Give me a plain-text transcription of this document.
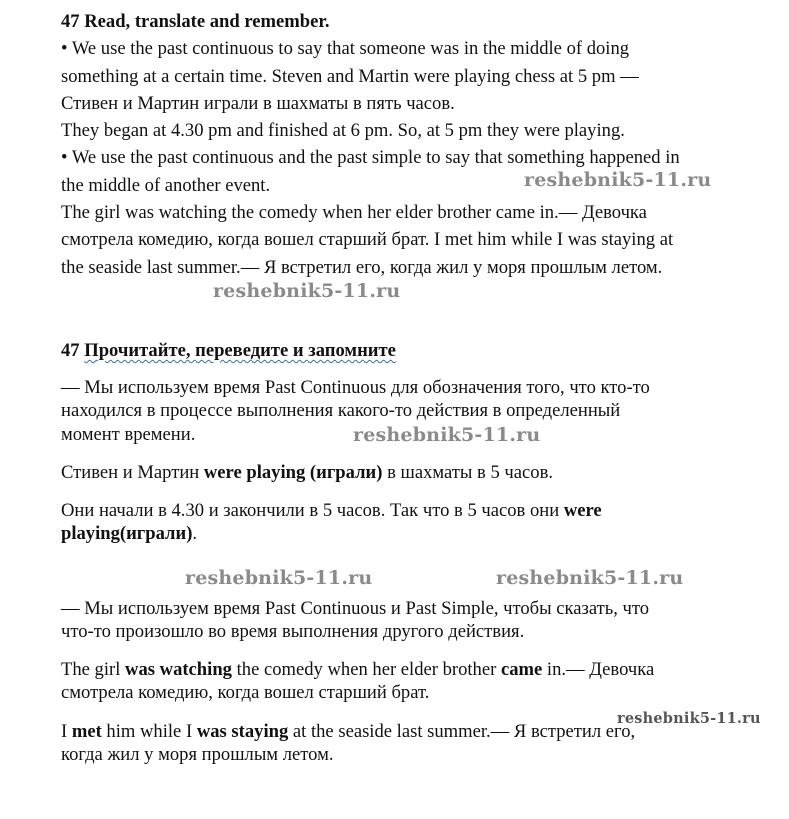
47 Read, translate and remember.
• We use the past continuous to say that someone was in the middle of doing
something at a certain time. Steven and Martin were playing chess at 5 pm —
Стивен и Мартин играли в шахматы в пять часов.
They began at 4.30 pm and finished at 6 pm. So, at 5 pm they were playing.
• We use the past continuous and the past simple to say that something happened in
the middle of another event.
The girl was watching the comedy when her elder brother came in.— Девочка
смотрела комедию, когда вошел старший брат. I met him while I was staying at
the seaside last summer.— Я встретил его, когда жил у моря прошлым летом.
47 Прочитайте, переведите и запомните
— Мы используем время Past Continuous для обозначения того, что кто-то
находился в процессе выполнения какого-то действия в определенный
момент времени.
Стивен и Мартин were playing (играли) в шахматы в 5 часов.
Они начали в 4.30 и закончили в 5 часов. Так что в 5 часов они were
playing(играли).
— Мы используем время Past Continuous и Past Simple, чтобы сказать, что
что-то произошло во время выполнения другого действия.
The girl was watching the comedy when her elder brother came in.— Девочка
смотрела комедию, когда вошел старший брат.
I met him while I was staying at the seaside last summer.— Я встретил его,
когда жил у моря прошлым летом.
reshebnik5-11.ru
reshebnik5-11.ru
reshebnik5-11.ru
reshebnik5-11.ru	reshebnik5-11.ru
reshebnik5-11.ru
